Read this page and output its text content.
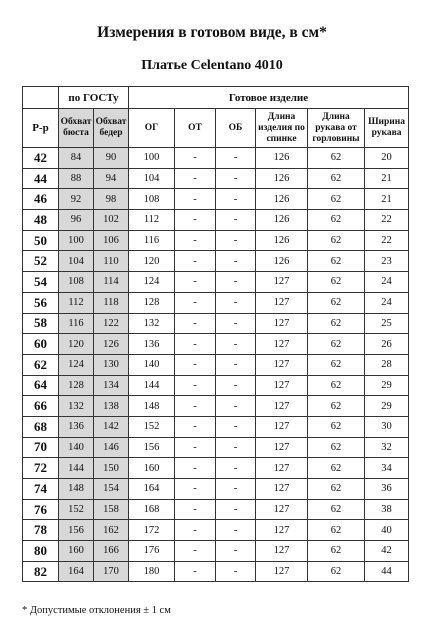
Измерения в готовом виде, в см*
Платье Celentano 4010
	по ГОСТу		Готовое изделие					
Р-р	Обхват бюста	Обхват бедер	ОГ	ОТ	ОБ	Длина изделия по спинке	Длина рукава от горловины	Ширина рукава
42	84	90	100	-	-	126	62	20
44	88	94	104	-	-	126	62	21
46	92	98	108	-	-	126	62	21
48	96	102	112	-	-	126	62	22
50	100	106	116	-	-	126	62	22
52	104	110	120	-	-	126	62	23
54	108	114	124	-	-	127	62	24
56	112	118	128	-	-	127	62	24
58	116	122	132	-	-	127	62	25
60	120	126	136	-	-	127	62	26
62	124	130	140	-	-	127	62	28
64	128	134	144	-	-	127	62	29
66	132	138	148	-	-	127	62	29
68	136	142	152	-	-	127	62	30
70	140	146	156	-	-	127	62	32
72	144	150	160	-	-	127	62	34
74	148	154	164	-	-	127	62	36
76	152	158	168	-	-	127	62	38
78	156	162	172	-	-	127	62	40
80	160	166	176	-	-	127	62	42
82	164	170	180	-	-	127	62	44
* Допустимые отклонения ± 1 см
